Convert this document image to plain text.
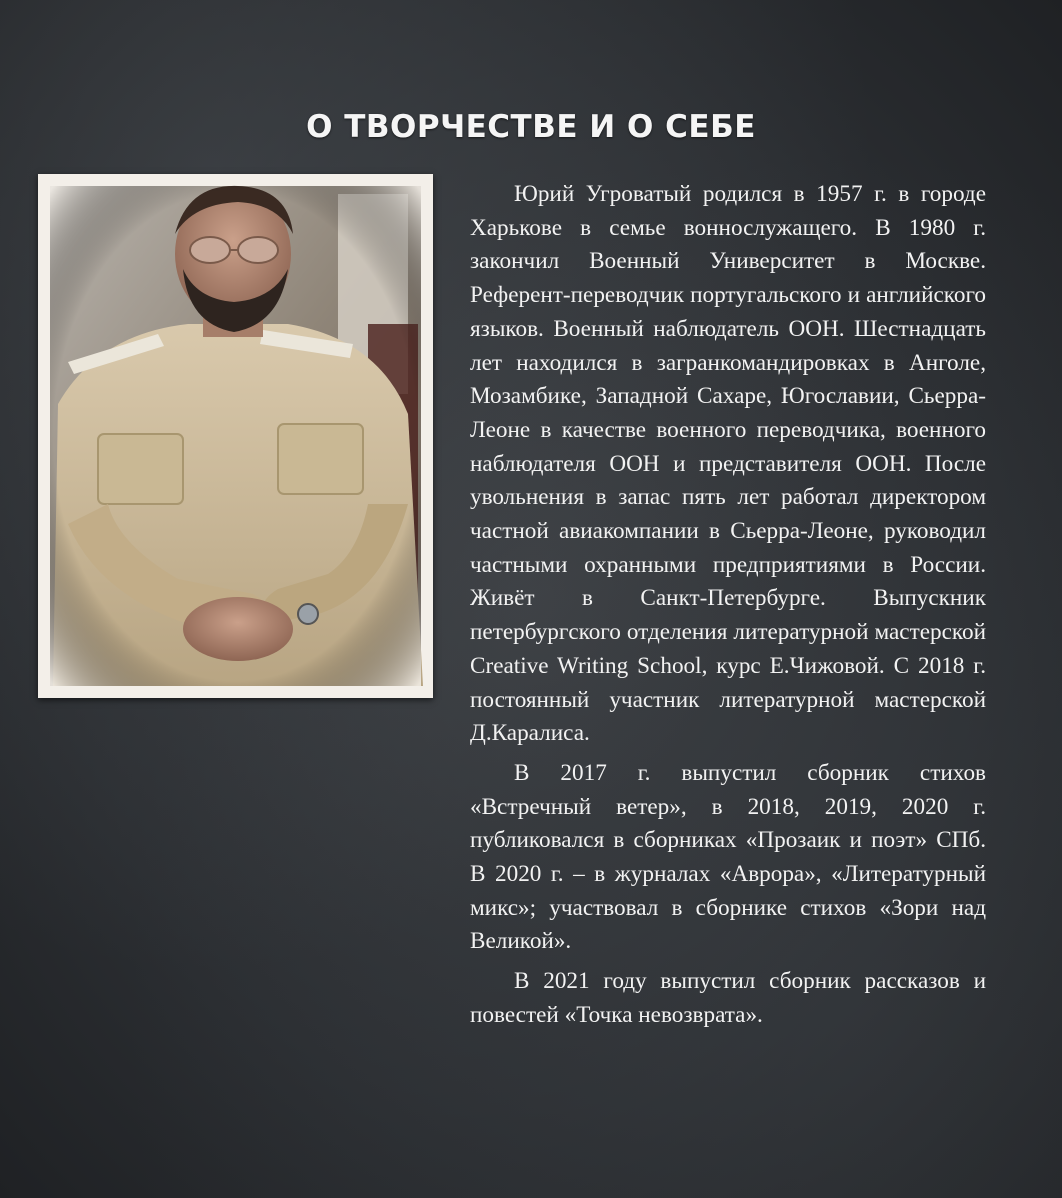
О ТВОРЧЕСТВЕ И О СЕБЕ

Юрий Угроватый родился в 1957 г. в городе Харькове в семье воннослужащего. В 1980 г. закончил Военный Университет в Москве. Референт-переводчик португальского и английского языков. Военный наблюдатель ООН. Шестнадцать лет находился в загранкомандировках в Анголе, Мозамбике, Западной Сахаре, Югославии, Сьерра-Леоне в качестве военного переводчика, военного наблюдателя ООН и представителя ООН. После увольнения в запас пять лет работал директором частной авиакомпании в Сьерра-Леоне, руководил частными охранными предприятиями в России. Живёт в Санкт-Петербурге. Выпускник петербургского отделения литературной мастерской Creative Writing School, курс Е.Чижовой. С 2018 г. постоянный участник литературной мастерской Д.Каралиса.

В 2017 г. выпустил сборник стихов «Встречный ветер», в 2018, 2019, 2020 г. публиковался в сборниках «Прозаик и поэт» СПб. В 2020 г. – в журналах «Аврора», «Литературный микс»; участвовал в сборнике стихов «Зори над Великой».

В 2021 году выпустил сборник рассказов и повестей «Точка невозврата».
